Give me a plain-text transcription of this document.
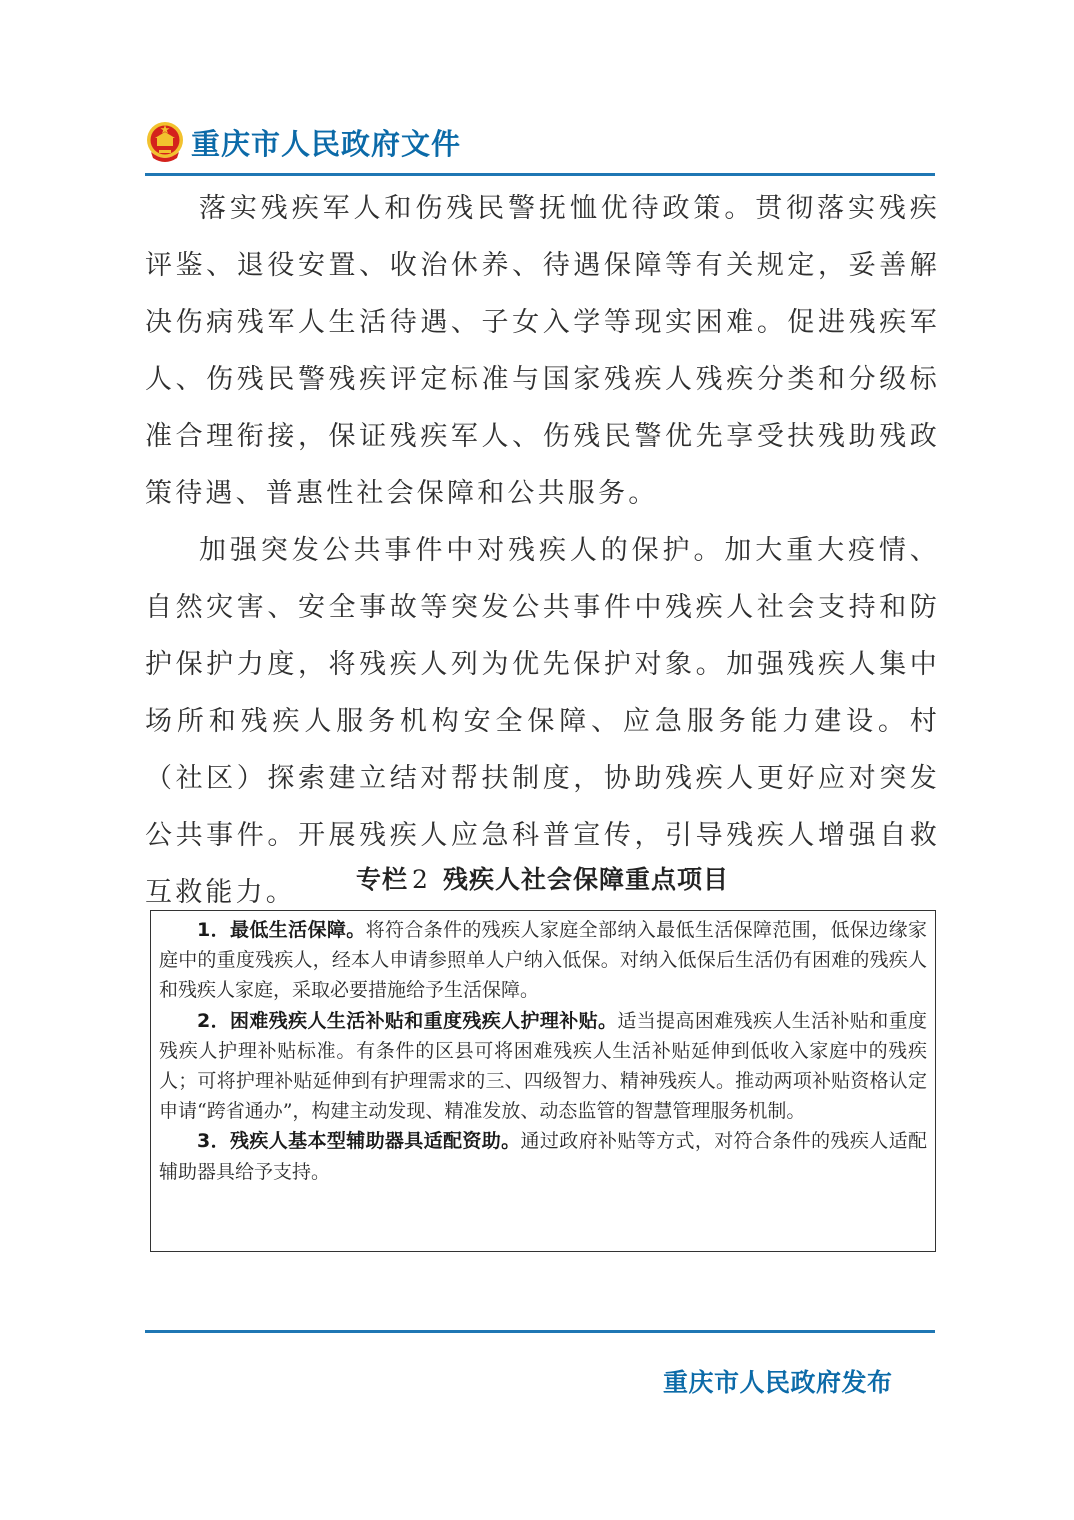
重庆市人民政府文件

落实残疾军人和伤残民警抚恤优待政策。贯彻落实残疾评鉴、退役安置、收治休养、待遇保障等有关规定，妥善解决伤病残军人生活待遇、子女入学等现实困难。促进残疾军人、伤残民警残疾评定标准与国家残疾人残疾分类和分级标准合理衔接，保证残疾军人、伤残民警优先享受扶残助残政策待遇、普惠性社会保障和公共服务。

加强突发公共事件中对残疾人的保护。加大重大疫情、自然灾害、安全事故等突发公共事件中残疾人社会支持和防护保护力度，将残疾人列为优先保护对象。加强残疾人集中场所和残疾人服务机构安全保障、应急服务能力建设。村（社区）探索建立结对帮扶制度，协助残疾人更好应对突发公共事件。开展残疾人应急科普宣传，引导残疾人增强自救互救能力。	专栏 2 残疾人社会保障重点项目

1．最低生活保障。将符合条件的残疾人家庭全部纳入最低生活保障范围，低保边缘家庭中的重度残疾人，经本人申请参照单人户纳入低保。对纳入低保后生活仍有困难的残疾人和残疾人家庭，采取必要措施给予生活保障。

2．困难残疾人生活补贴和重度残疾人护理补贴。适当提高困难残疾人生活补贴和重度残疾人护理补贴标准。有条件的区县可将困难残疾人生活补贴延伸到低收入家庭中的残疾人；可将护理补贴延伸到有护理需求的三、四级智力、精神残疾人。推动两项补贴资格认定申请“跨省通办”，构建主动发现、精准发放、动态监管的智慧管理服务机制。

3．残疾人基本型辅助器具适配资助。通过政府补贴等方式，对符合条件的残疾人适配辅助器具给予支持。

重庆市人民政府发布
